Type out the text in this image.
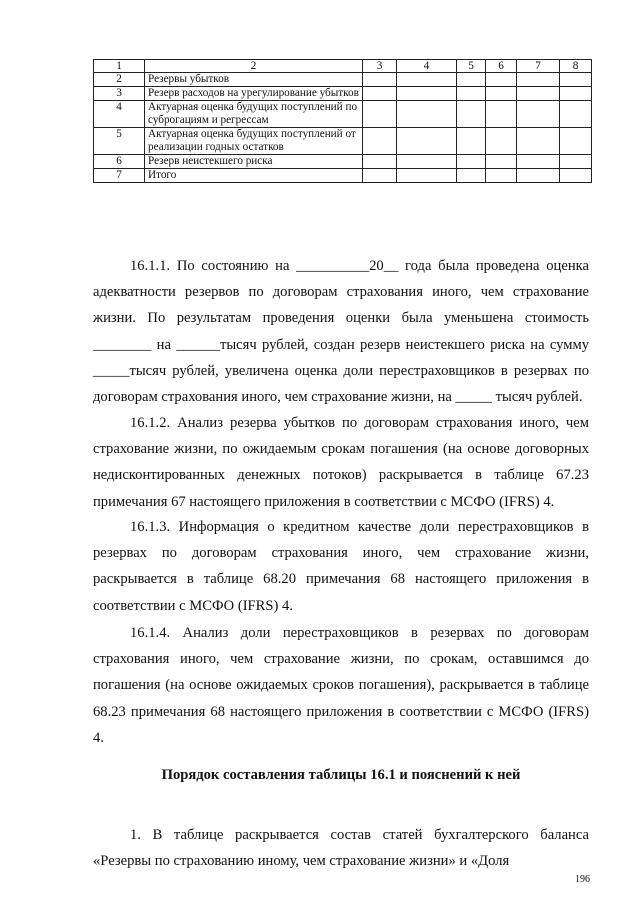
1	2	3	4	5	6	7	8
2	Резервы убытков						
3	Резерв расходов на урегулирование убытков						
4	Актуарная оценка будущих поступлений по суброгациям и регрессам						
5	Актуарная оценка будущих поступлений от реализации годных остатков						
6	Резерв неистекшего риска						
7	Итого						

16.1.1. По состоянию на __________20__ года была проведена оценка адекватности резервов по договорам страхования иного, чем страхование жизни. По результатам проведения оценки была уменьшена стоимость ________ на ______тысяч рублей, создан резерв неистекшего риска на сумму _____тысяч рублей, увеличена оценка доли перестраховщиков в резервах по договорам страхования иного, чем страхование жизни, на _____ тысяч рублей.

16.1.2. Анализ резерва убытков по договорам страхования иного, чем страхование жизни, по ожидаемым срокам погашения (на основе договорных недисконтированных денежных потоков) раскрывается в таблице 67.23 примечания 67 настоящего приложения в соответствии с МСФО (IFRS) 4.

16.1.3. Информация о кредитном качестве доли перестраховщиков в резервах по договорам страхования иного, чем страхование жизни, раскрывается в таблице 68.20 примечания 68 настоящего приложения в соответствии с МСФО (IFRS) 4.

16.1.4. Анализ доли перестраховщиков в резервах по договорам страхования иного, чем страхование жизни, по срокам, оставшимся до погашения (на основе ожидаемых сроков погашения), раскрывается в таблице 68.23 примечания 68 настоящего приложения в соответствии с МСФО (IFRS) 4.

Порядок составления таблицы 16.1 и пояснений к ней

1. В таблице раскрывается состав статей бухгалтерского баланса «Резервы по страхованию иному, чем страхование жизни» и «Доля

196
